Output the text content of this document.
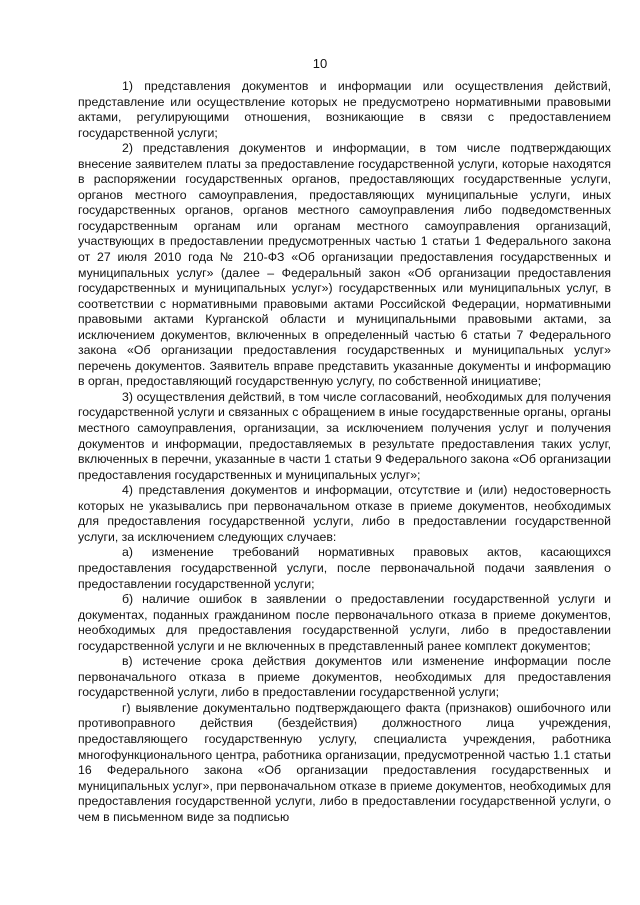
10

1) представления документов и информации или осуществления действий, представление или осуществление которых не предусмотрено нормативными правовыми актами, регулирующими отношения, возникающие в связи с предоставлением государственной услуги;

2) представления документов и информации, в том числе подтверждающих внесение заявителем платы за предоставление государственной услуги, которые находятся в распоряжении государственных органов, предоставляющих государственные услуги, органов местного самоуправления, предоставляющих муниципальные услуги, иных государственных органов, органов местного самоуправления либо подведомственных государственным органам или органам местного самоуправления организаций, участвующих в предоставлении предусмотренных частью 1 статьи 1 Федерального закона от 27 июля 2010 года № 210-ФЗ «Об организации предоставления государственных и муниципальных услуг» (далее – Федеральный закон «Об организации предоставления государственных и муниципальных услуг») государственных или муниципальных услуг, в соответствии с нормативными правовыми актами Российской Федерации, нормативными правовыми актами Курганской области и муниципальными правовыми актами, за исключением документов, включенных в определенный частью 6 статьи 7 Федерального закона «Об организации предоставления государственных и муниципальных услуг» перечень документов. Заявитель вправе представить указанные документы и информацию в орган, предоставляющий государственную услугу, по собственной инициативе;

3) осуществления действий, в том числе согласований, необходимых для получения государственной услуги и связанных с обращением в иные государственные органы, органы местного самоуправления, организации, за исключением получения услуг и получения документов и информации, предоставляемых в результате предоставления таких услуг, включенных в перечни, указанные в части 1 статьи 9 Федерального закона «Об организации предоставления государственных и муниципальных услуг»;

4) представления документов и информации, отсутствие и (или) недостоверность которых не указывались при первоначальном отказе в приеме документов, необходимых для предоставления государственной услуги, либо в предоставлении государственной услуги, за исключением следующих случаев:

а) изменение требований нормативных правовых актов, касающихся предоставления государственной услуги, после первоначальной подачи заявления о предоставлении государственной услуги;

б) наличие ошибок в заявлении о предоставлении государственной услуги и документах, поданных гражданином после первоначального отказа в приеме документов, необходимых для предоставления государственной услуги, либо в предоставлении государственной услуги и не включенных в представленный ранее комплект документов;

в) истечение срока действия документов или изменение информации после первоначального отказа в приеме документов, необходимых для предоставления государственной услуги, либо в предоставлении государственной услуги;

г) выявление документально подтверждающего факта (признаков) ошибочного или противоправного действия (бездействия) должностного лица учреждения, предоставляющего государственную услугу, специалиста учреждения, работника многофункционального центра, работника организации, предусмотренной частью 1.1 статьи 16 Федерального закона «Об организации предоставления государственных и муниципальных услуг», при первоначальном отказе в приеме документов, необходимых для предоставления государственной услуги, либо в предоставлении государственной услуги, о чем в письменном виде за подписью
